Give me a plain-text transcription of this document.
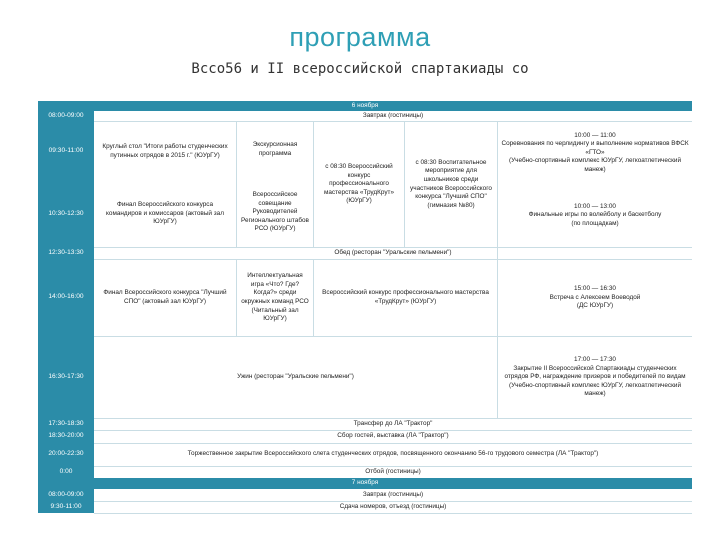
программа
Вссо56 и II всероссийской спартакиады со
6 ноября
08:00-09:00
09:30-11:00
10:30-12:30
12:30-13:30
14:00-16:00
16:30-17:30
17:30-18:30
18:30-20:00
20:00-22:30
0:00
7 ноября
08:00-09:00
9:30-11:00
Завтрак (гостиницы)
Круглый стол "Итоги работы студенческих путинных отрядов в 2015 г." (ЮУрГУ)
Финал Всероссийского конкурса командиров и комиссаров (актовый зал ЮУрГУ)
Экскурсионная программа
Всероссийское совещание Руководителей Регионального штабов РСО (ЮУрГУ)
с 08:30 Всероссийский конкурс профессионального мастерства «ТрудКрут» (ЮУрГУ)
с 08:30 Воспитательное мероприятие для школьников среди участников Всероссийского конкурса "Лучший СПО" (гимназия №80)
10:00 — 11:00
Соревнования по черлидингу и выполнение нормативов ВФСК «ГТО»
(Учебно-спортивный комплекс ЮУрГУ, легкоатлетический манеж)
10:00 — 13:00
Финальные игры по волейболу и баскетболу
(по площадкам)
Обед (ресторан "Уральские пельмени")
Финал Всероссийского конкурса "Лучший СПО" (актовый зал ЮУрГУ)
Интеллектуальная игра «Что? Где? Когда?» среди окружных команд РСО (Читальный зал ЮУрГУ)
Всероссийский конкурс профессионального мастерства «ТрудКрут» (ЮУрГУ)
15:00 — 16:30
Встреча с Алексеем Воеводой
(ДС ЮУрГУ)
Ужин (ресторан "Уральские пельмени")
17:00 — 17:30
Закрытие II Всероссийской Спартакиады студенческих отрядов РФ, награждение призеров и победителей по видам
(Учебно-спортивный комплекс ЮУрГУ, легкоатлетический манеж)
Трансфер до ЛА "Трактор"
Сбор гостей, выставка (ЛА "Трактор")
Торжественное закрытие Всероссийского слета студенческих отрядов, посвященного окончанию 56-го трудового семестра (ЛА "Трактор")
Отбой (гостиницы)
Завтрак (гостиницы)
Сдача номеров, отъезд (гостиницы)
